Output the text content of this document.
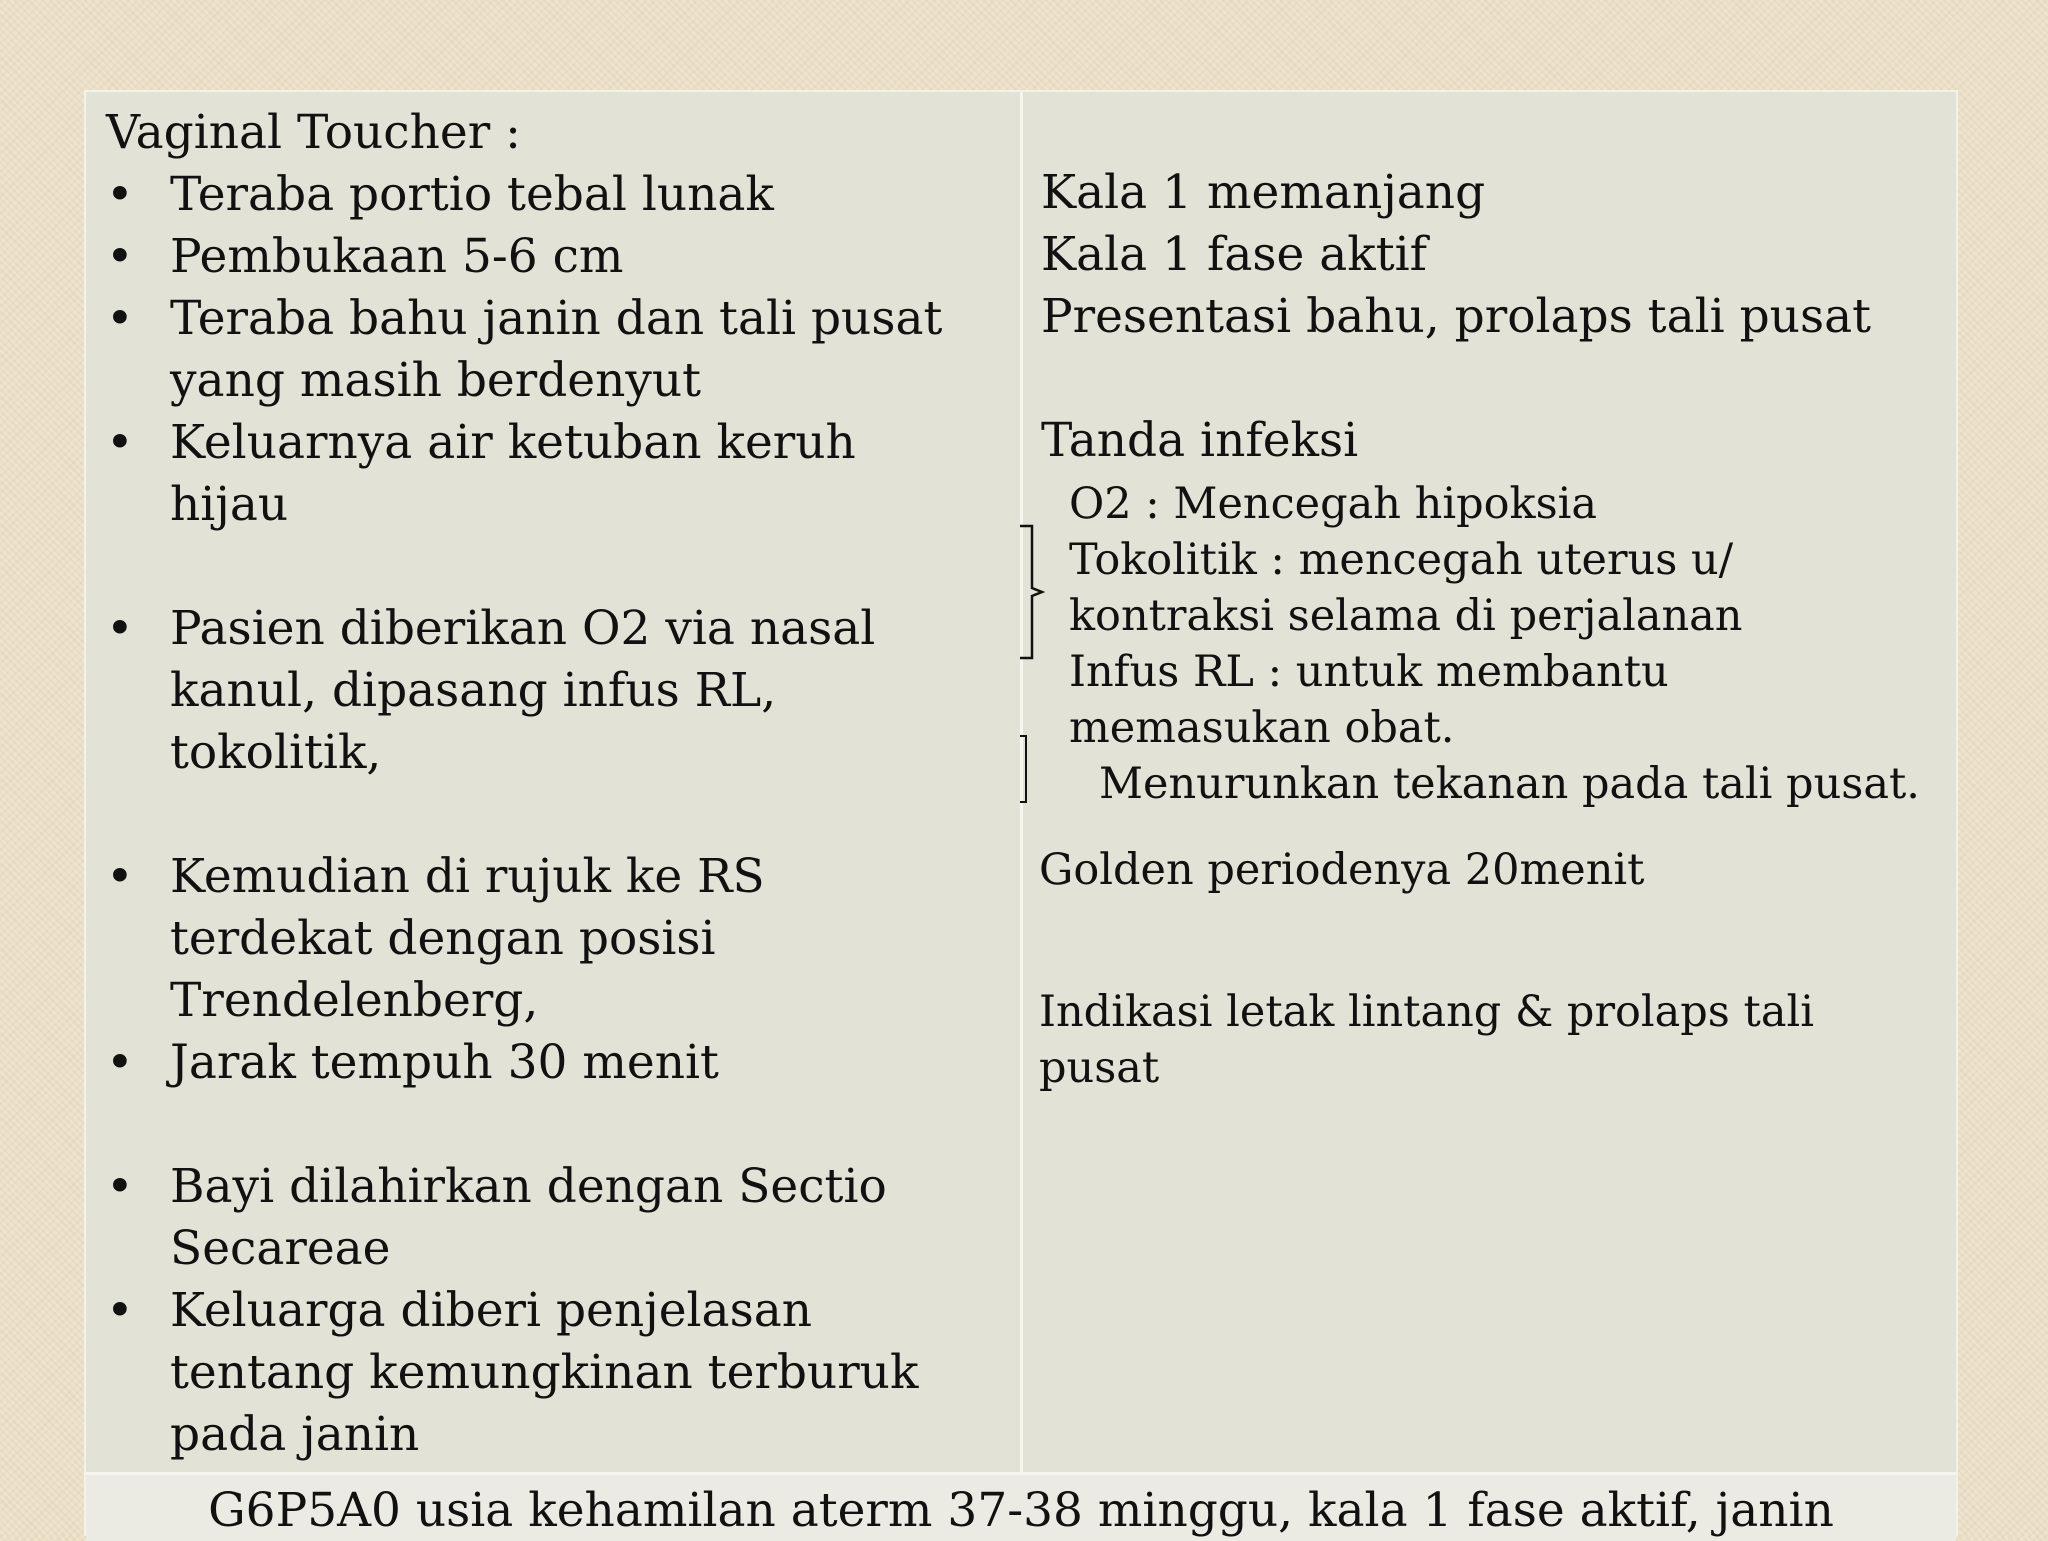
Vaginal Toucher :

• Teraba portio tebal lunak
• Pembukaan 5-6 cm
• Teraba bahu janin dan tali pusat
yang masih berdenyut
• Keluarnya air ketuban keruh
hijau
• Pasien diberikan O2 via nasal
kanul, dipasang infus RL,
tokolitik,
• Kemudian di rujuk ke RS
terdekat dengan posisi
Trendelenberg,
• Jarak tempuh 30 menit
• Bayi dilahirkan dengan Sectio
Secareae
• Keluarga diberi penjelasan
tentang kemungkinan terburuk
pada janin
Kala 1 memanjang
Kala 1 fase aktif
Presentasi bahu, prolaps tali pusat
Tanda infeksi
O2 : Mencegah hipoksia
Tokolitik : mencegah uterus u/
kontraksi selama di perjalanan
Infus RL : untuk membantu
memasukan obat.
Menurunkan tekanan pada tali pusat.
Golden periodenya 20menit
Indikasi letak lintang & prolaps tali
pusat
G6P5A0 usia kehamilan aterm 37-38 minggu, kala 1 fase aktif, janin
